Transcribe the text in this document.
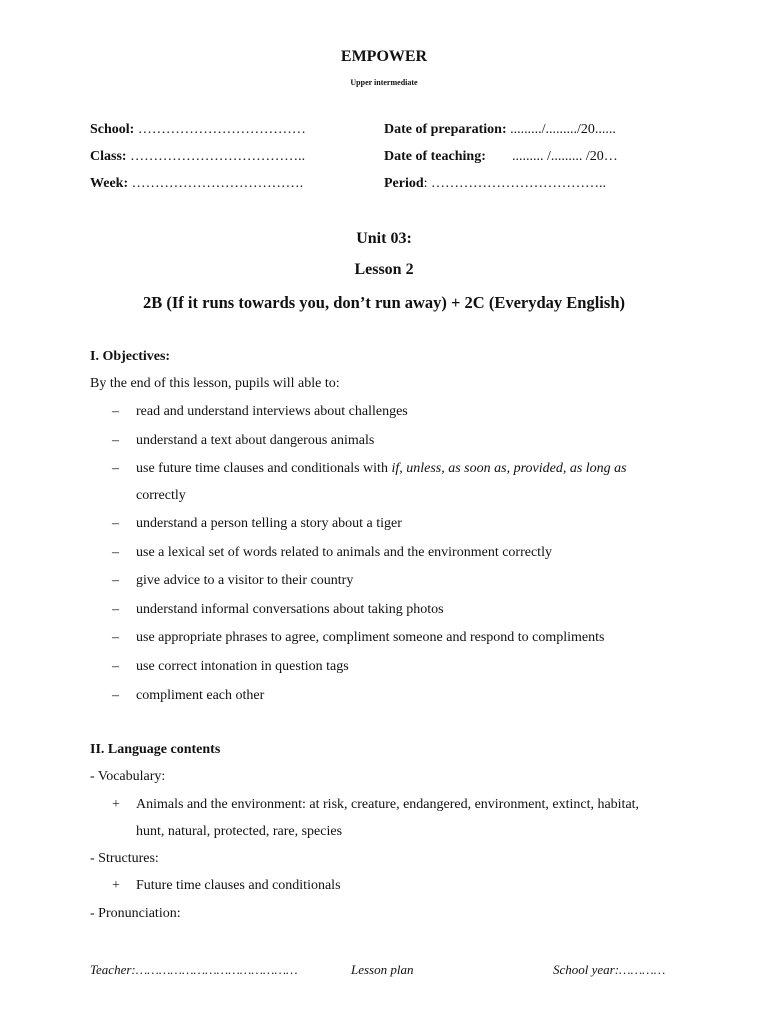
EMPOWER
Upper intermediate
School: ………………………………
Class: ………………………………..
Week: ……………………………….
Date of preparation: ........./........./20......
Date of teaching: ......... /......... /20…
Period: ………………………………..
Unit 03:
Lesson 2
2B (If it runs towards you, don’t run away) + 2C (Everyday English)
I. Objectives:
By the end of this lesson, pupils will able to:
– read and understand interviews about challenges
– understand a text about dangerous animals
– use future time clauses and conditionals with if, unless, as soon as, provided, as long as
correctly
– understand a person telling a story about a tiger
– use a lexical set of words related to animals and the environment correctly
– give advice to a visitor to their country
– understand informal conversations about taking photos
– use appropriate phrases to agree, compliment someone and respond to compliments
– use correct intonation in question tags
– compliment each other
II. Language contents
- Vocabulary:
+ Animals and the environment: at risk, creature, endangered, environment, extinct, habitat,
hunt, natural, protected, rare, species
- Structures:
+ Future time clauses and conditionals
- Pronunciation:
Teacher:……………………………………	Lesson plan	School year:…………
